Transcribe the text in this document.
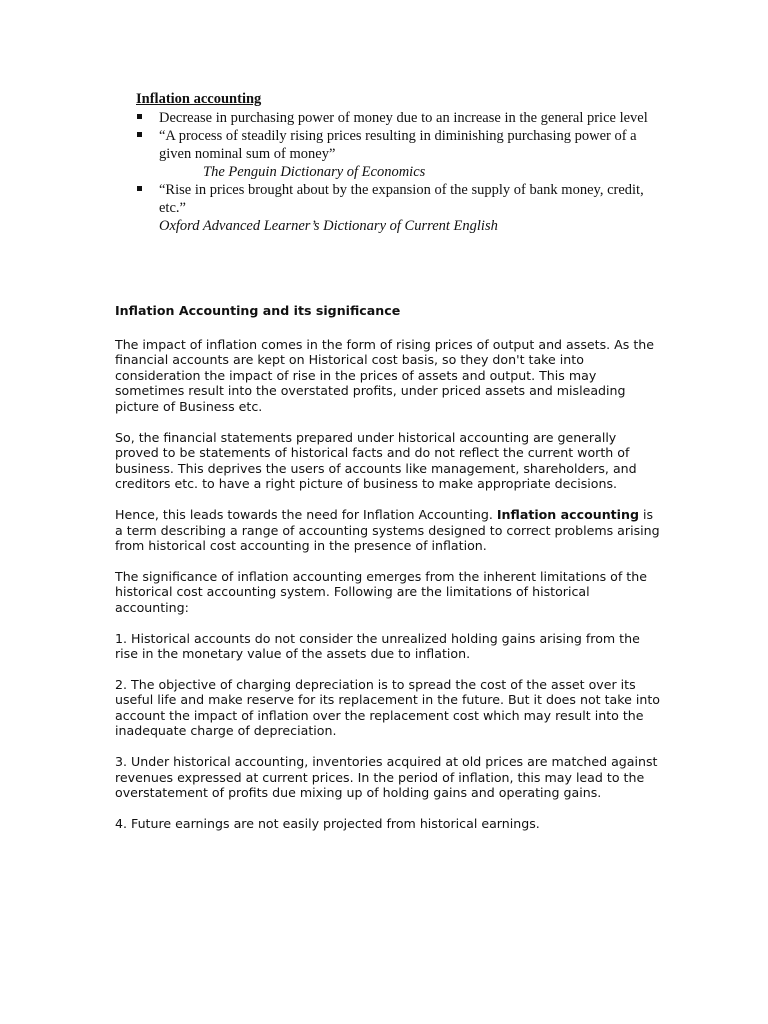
Inflation accounting
Decrease in purchasing power of money due to an increase in the general price level
“A process of steadily rising prices resulting in diminishing purchasing power of a given nominal sum of money”
The Penguin Dictionary of Economics
“Rise in prices brought about by the expansion of the supply of bank money, credit, etc.”
Oxford Advanced Learner’s Dictionary of Current English
Inflation Accounting and its significance

The impact of inflation comes in the form of rising prices of output and assets. As the financial accounts are kept on Historical cost basis, so they don't take into consideration the impact of rise in the prices of assets and output. This may sometimes result into the overstated profits, under priced assets and misleading picture of Business etc.

So, the financial statements prepared under historical accounting are generally proved to be statements of historical facts and do not reflect the current worth of business. This deprives the users of accounts like management, shareholders, and creditors etc. to have a right picture of business to make appropriate decisions.

Hence, this leads towards the need for Inflation Accounting. Inflation accounting is a term describing a range of accounting systems designed to correct problems arising from historical cost accounting in the presence of inflation.

The significance of inflation accounting emerges from the inherent limitations of the historical cost accounting system. Following are the limitations of historical accounting:

1. Historical accounts do not consider the unrealized holding gains arising from the rise in the monetary value of the assets due to inflation.

2. The objective of charging depreciation is to spread the cost of the asset over its useful life and make reserve for its replacement in the future. But it does not take into account the impact of inflation over the replacement cost which may result into the inadequate charge of depreciation.

3. Under historical accounting, inventories acquired at old prices are matched against revenues expressed at current prices. In the period of inflation, this may lead to the overstatement of profits due mixing up of holding gains and operating gains.

4. Future earnings are not easily projected from historical earnings.
